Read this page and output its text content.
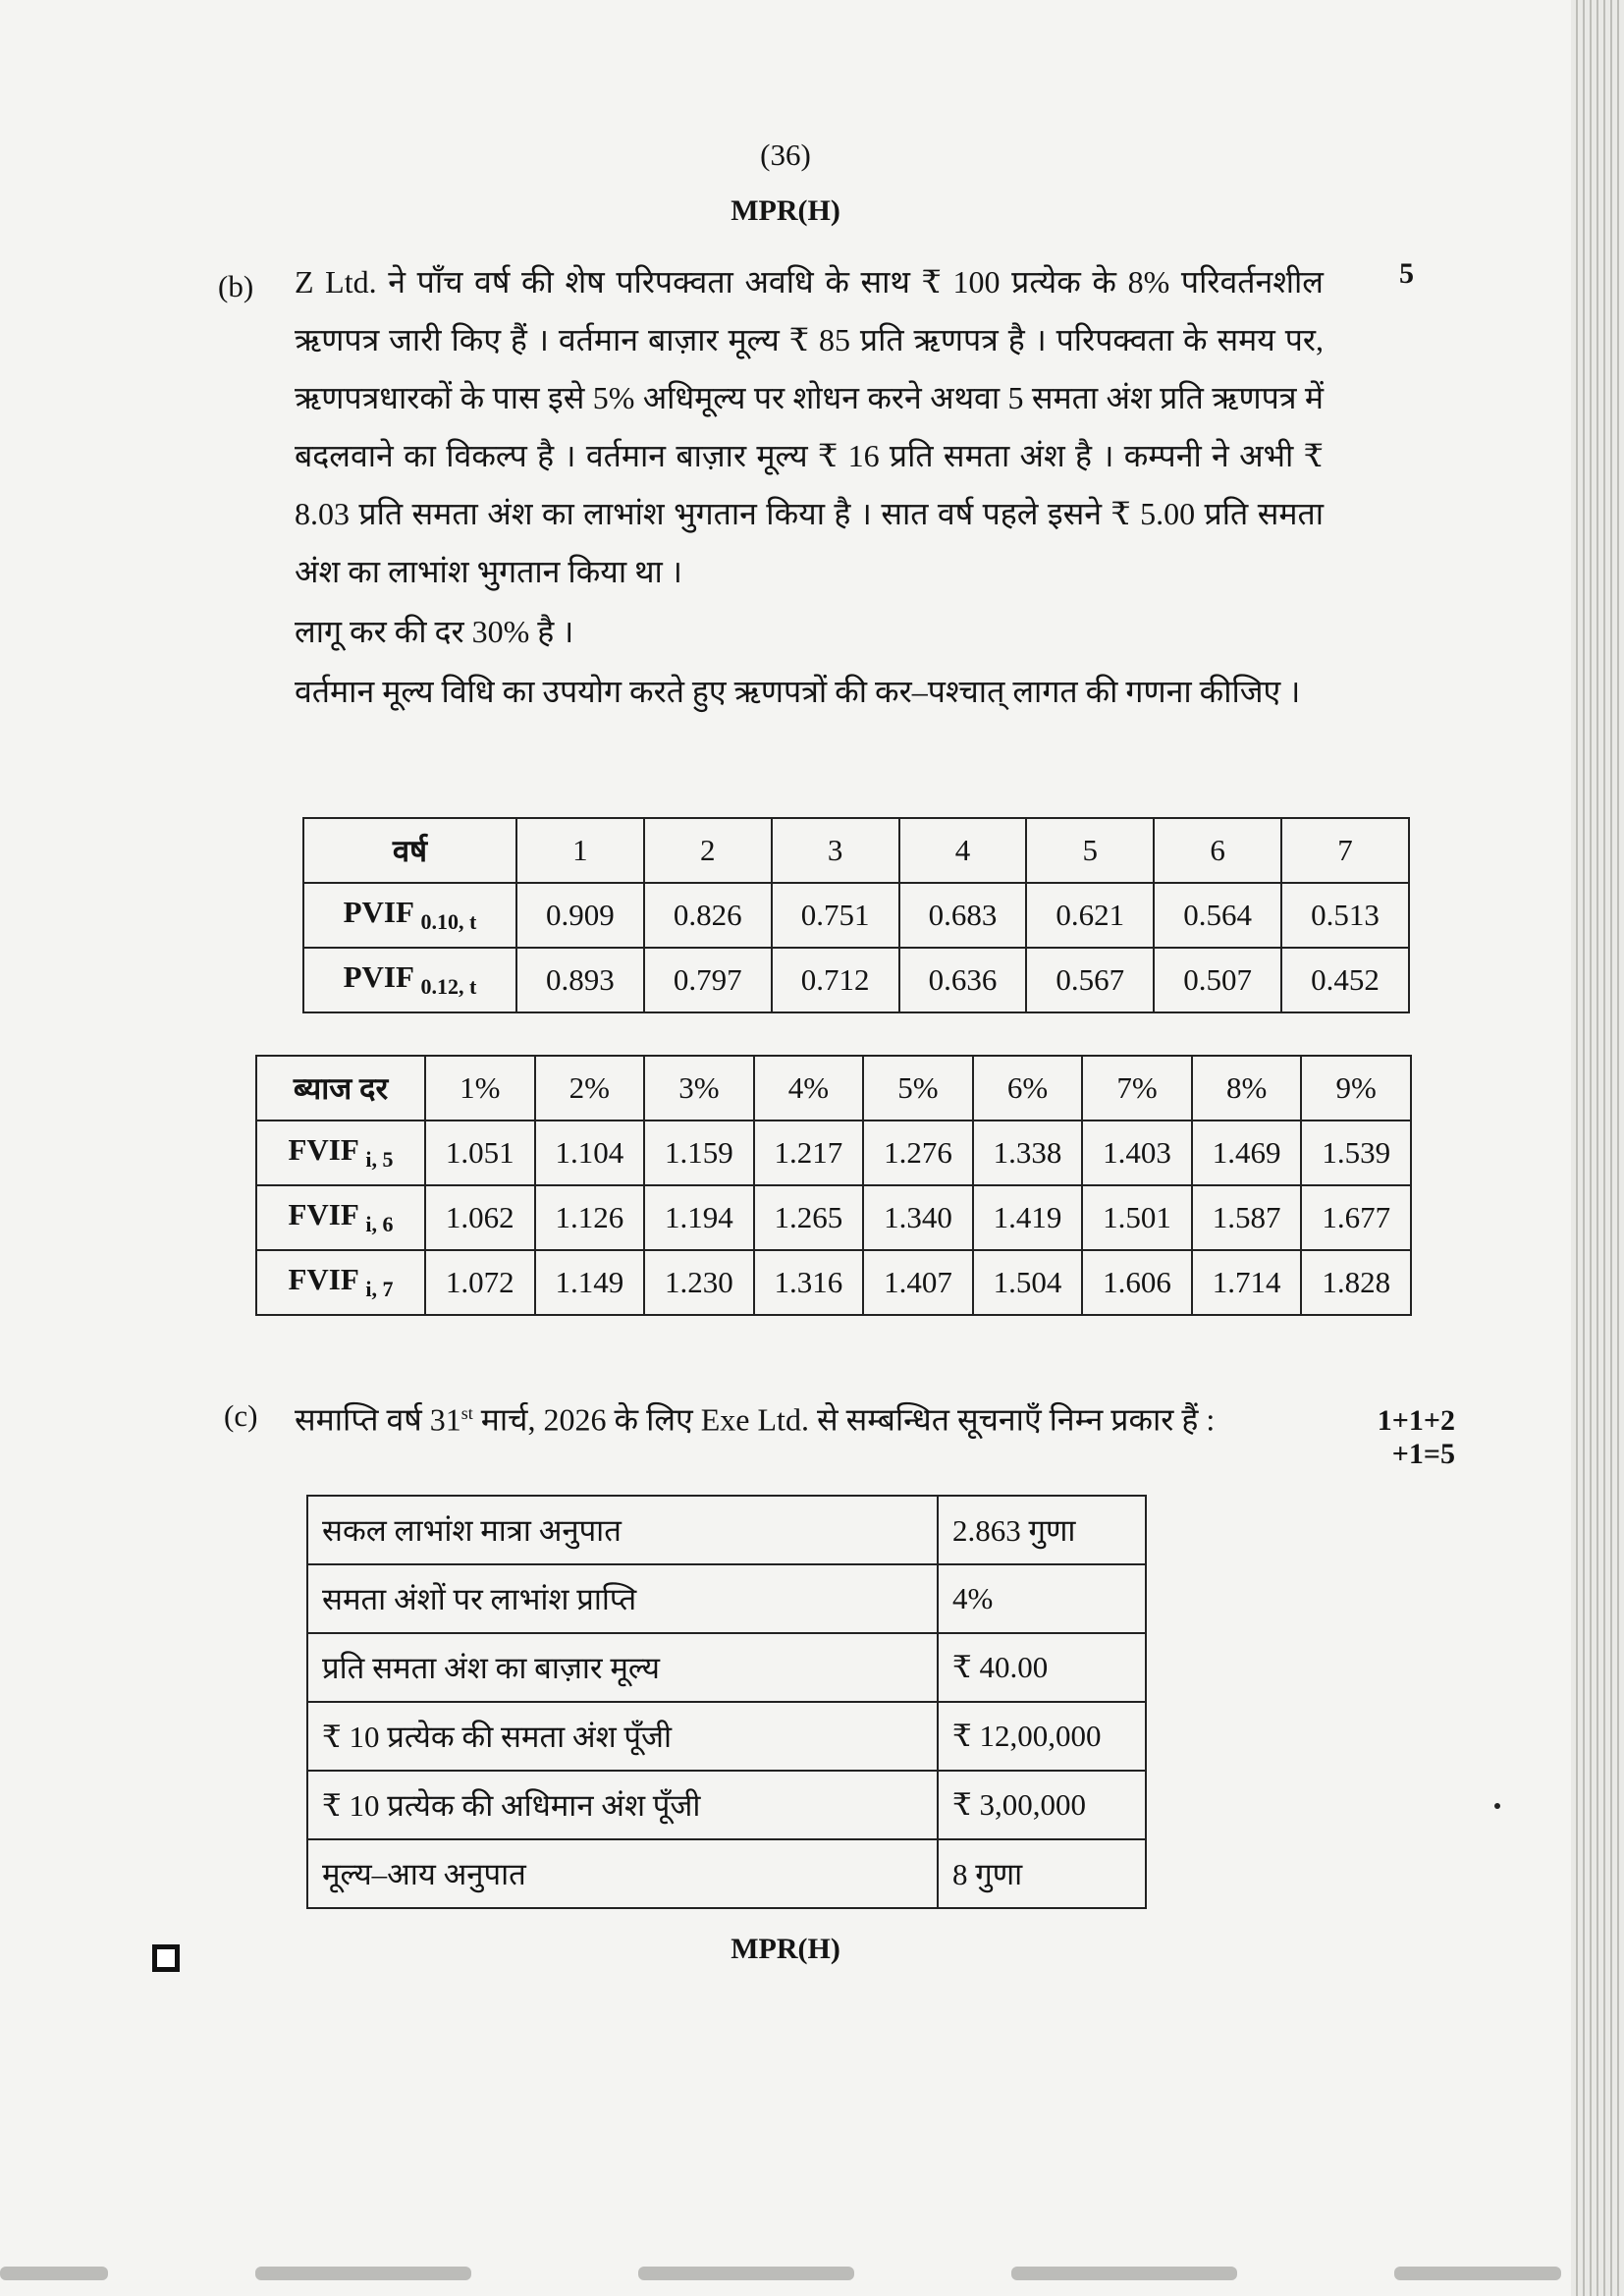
(36)
MPR(H)
(b)	5

Z Ltd. ने पाँच वर्ष की शेष परिपक्वता अवधि के साथ ₹ 100 प्रत्येक के 8% परिवर्तनशील ऋणपत्र जारी किए हैं । वर्तमान बाज़ार मूल्य ₹ 85 प्रति ऋणपत्र है । परिपक्वता के समय पर, ऋणपत्रधारकों के पास इसे 5% अधिमूल्य पर शोधन करने अथवा 5 समता अंश प्रति ऋणपत्र में बदलवाने का विकल्प है । वर्तमान बाज़ार मूल्य ₹ 16 प्रति समता अंश है । कम्पनी ने अभी ₹ 8.03 प्रति समता अंश का लाभांश भुगतान किया है । सात वर्ष पहले इसने ₹ 5.00 प्रति समता अंश का लाभांश भुगतान किया था ।

लागू कर की दर 30% है ।

वर्तमान मूल्य विधि का उपयोग करते हुए ऋणपत्रों की कर–पश्चात् लागत की गणना कीजिए ।

वर्ष	1	2	3	4	5	6	7
PVIF $_{0.10, t}$	0.909	0.826	0.751	0.683	0.621	0.564	0.513
PVIF $_{0.12, t}$	0.893	0.797	0.712	0.636	0.567	0.507	0.452
ब्याज दर	1%	2%	3%	4%	5%	6%	7%	8%	9%
FVIF $_{i, 5}$	1.051	1.104	1.159	1.217	1.276	1.338	1.403	1.469	1.539
FVIF $_{i, 6}$	1.062	1.126	1.194	1.265	1.340	1.419	1.501	1.587	1.677
FVIF $_{i, 7}$	1.072	1.149	1.230	1.316	1.407	1.504	1.606	1.714	1.828
(c)	1+1+2
+1=5

समाप्ति वर्ष 31st मार्च, 2026 के लिए Exe Ltd. से सम्बन्धित सूचनाएँ निम्न प्रकार हैं :

सकल लाभांश मात्रा अनुपात	2.863 गुणा
समता अंशों पर लाभांश प्राप्ति	4%
प्रति समता अंश का बाज़ार मूल्य	₹ 40.00
₹ 10 प्रत्येक की समता अंश पूँजी	₹ 12,00,000
₹ 10 प्रत्येक की अधिमान अंश पूँजी	₹ 3,00,000
मूल्य–आय अनुपात	8 गुणा
MPR(H)
